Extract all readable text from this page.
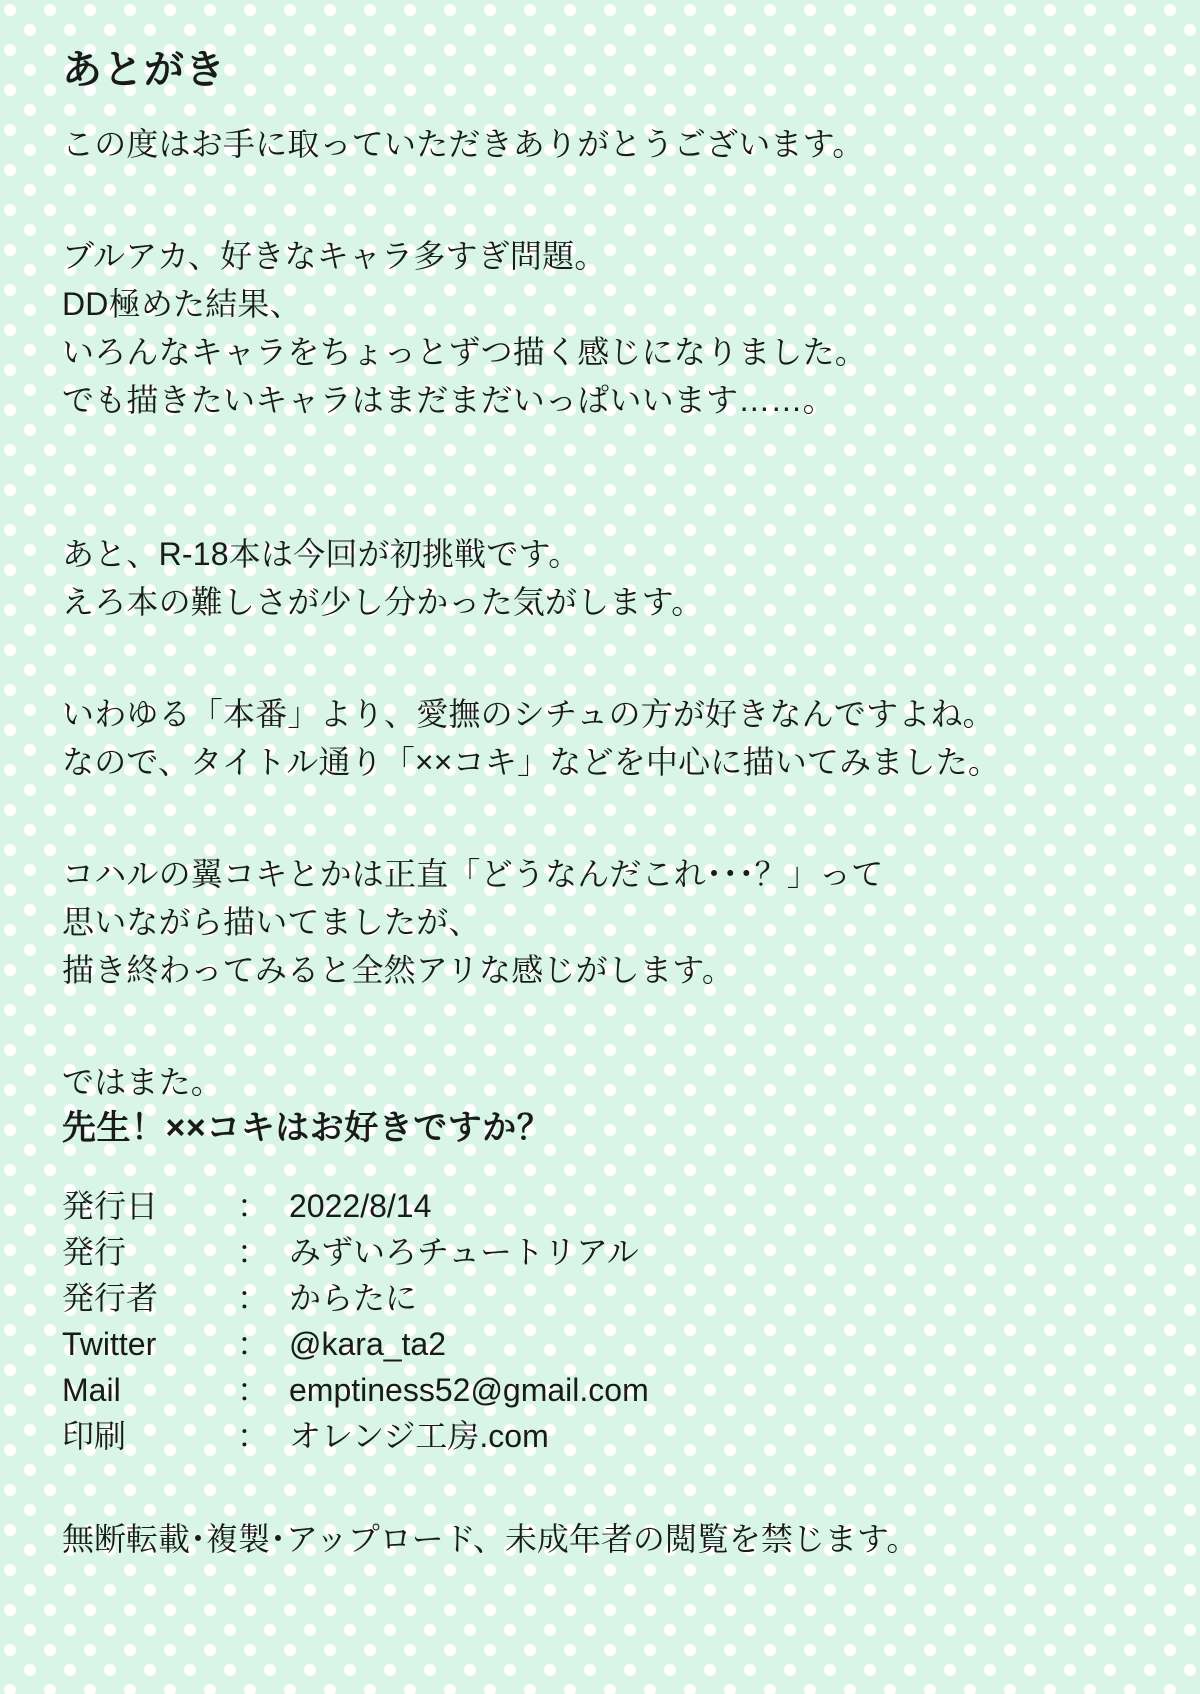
あとがき

この度はお手に取っていただきありがとうございます。

ブルアカ、好きなキャラ多すぎ問題。
DD極めた結果、
いろんなキャラをちょっとずつ描く感じになりました。
でも描きたいキャラはまだまだいっぱいいます……。

あと、R-18本は今回が初挑戦です。
えろ本の難しさが少し分かった気がします。

いわゆる「本番」より、愛撫のシチュの方が好きなんですよね。
なので、タイトル通り「××コキ」などを中心に描いてみました。

コハルの翼コキとかは正直「どうなんだこれ･･･？」って
思いながら描いてましたが、
描き終わってみると全然アリな感じがします。

ではまた。

先生！××コキはお好きですか？
発行日	：	2022/8/14
発行	：	みずいろチュートリアル
発行者	：	からたに
Twitter	：	@kara_ta2
Mail	：	emptiness52@gmail.com
印刷	：	オレンジ工房.com
無断転載･複製･アップロード、未成年者の閲覧を禁じます。
